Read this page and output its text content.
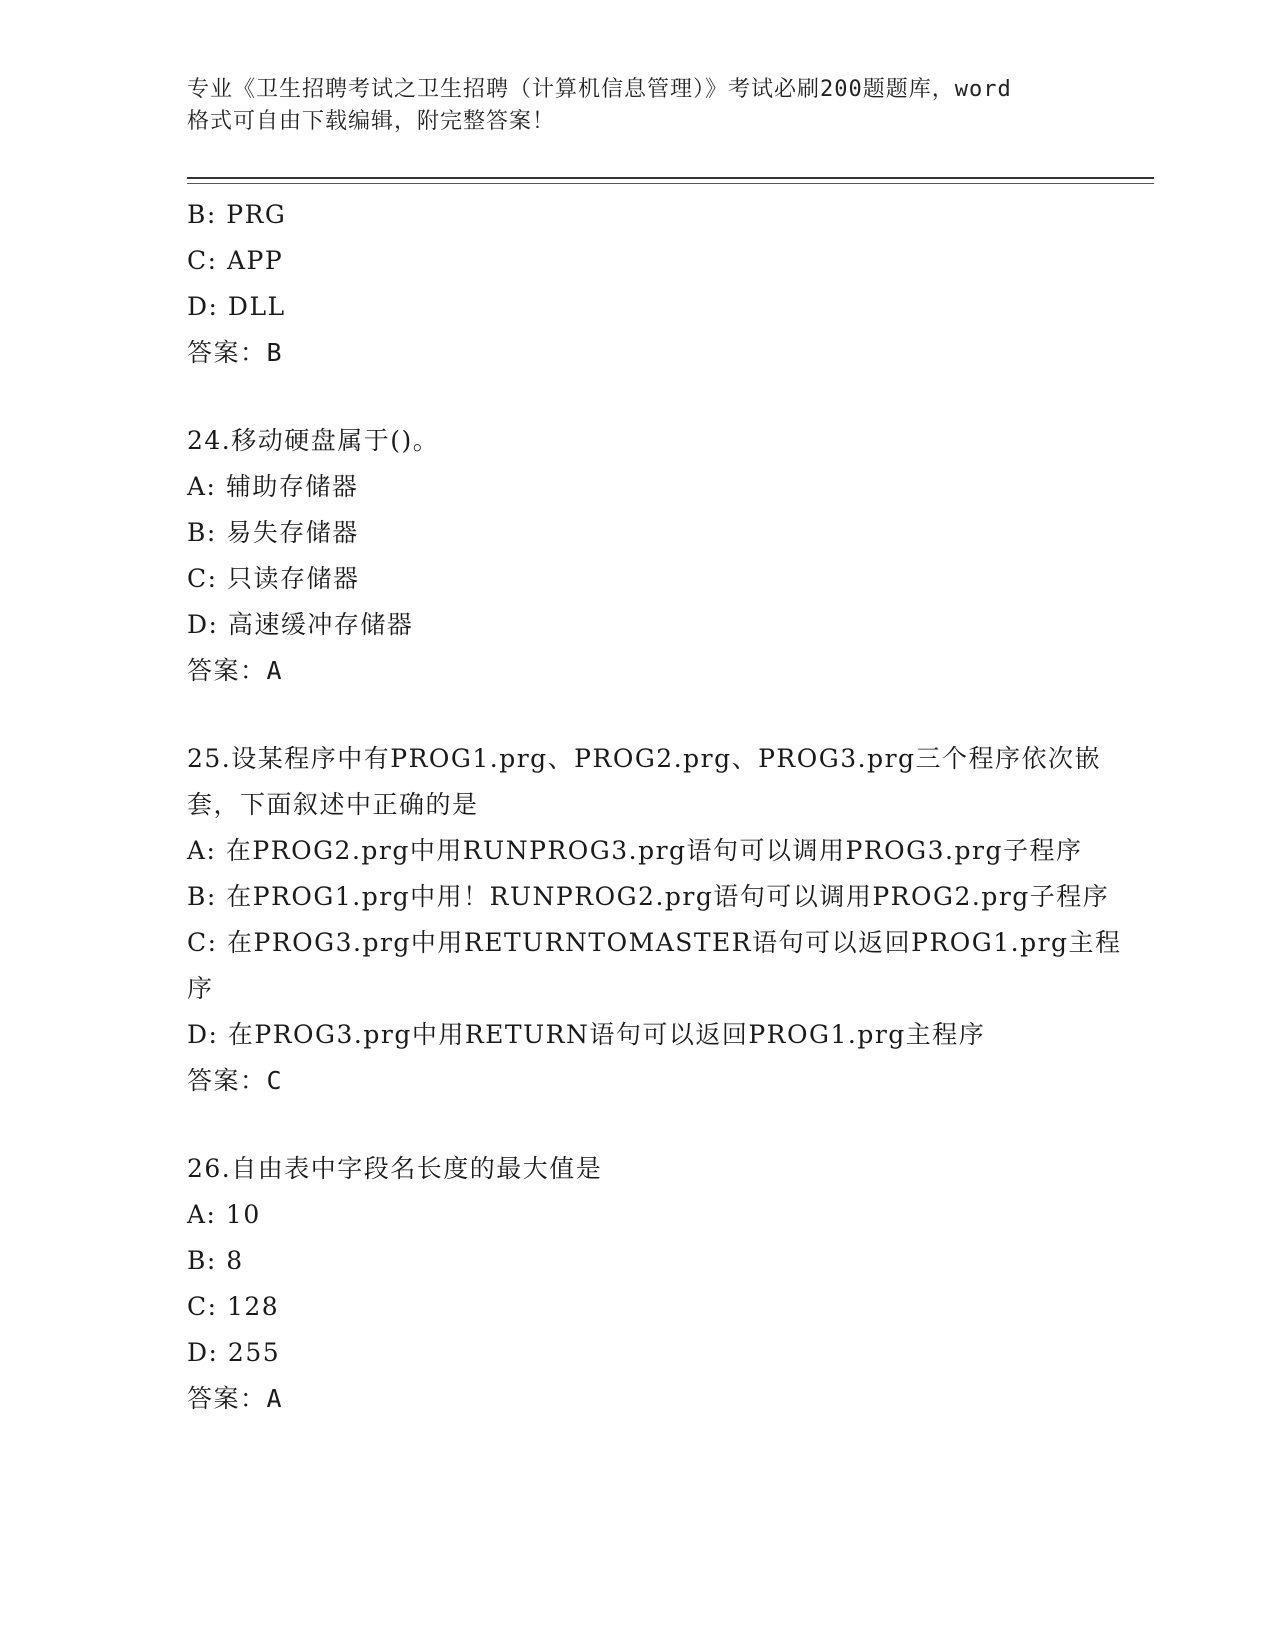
专业《卫生招聘考试之卫生招聘（计算机信息管理）》考试必刷200题题库，word
格式可自由下载编辑，附完整答案！
B: PRG
C: APP
D: DLL
答案：B
24.移动硬盘属于()。
A: 辅助存储器
B: 易失存储器
C: 只读存储器
D: 高速缓冲存储器
答案：A
25.设某程序中有PROG1.prg、PROG2.prg、PROG3.prg三个程序依次嵌
套，下面叙述中正确的是
A: 在PROG2.prg中用RUNPROG3.prg语句可以调用PROG3.prg子程序
B: 在PROG1.prg中用！RUNPROG2.prg语句可以调用PROG2.prg子程序
C: 在PROG3.prg中用RETURNTOMASTER语句可以返回PROG1.prg主程
序
D: 在PROG3.prg中用RETURN语句可以返回PROG1.prg主程序
答案：C
26.自由表中字段名长度的最大值是
A: 10
B: 8
C: 128
D: 255
答案：A
